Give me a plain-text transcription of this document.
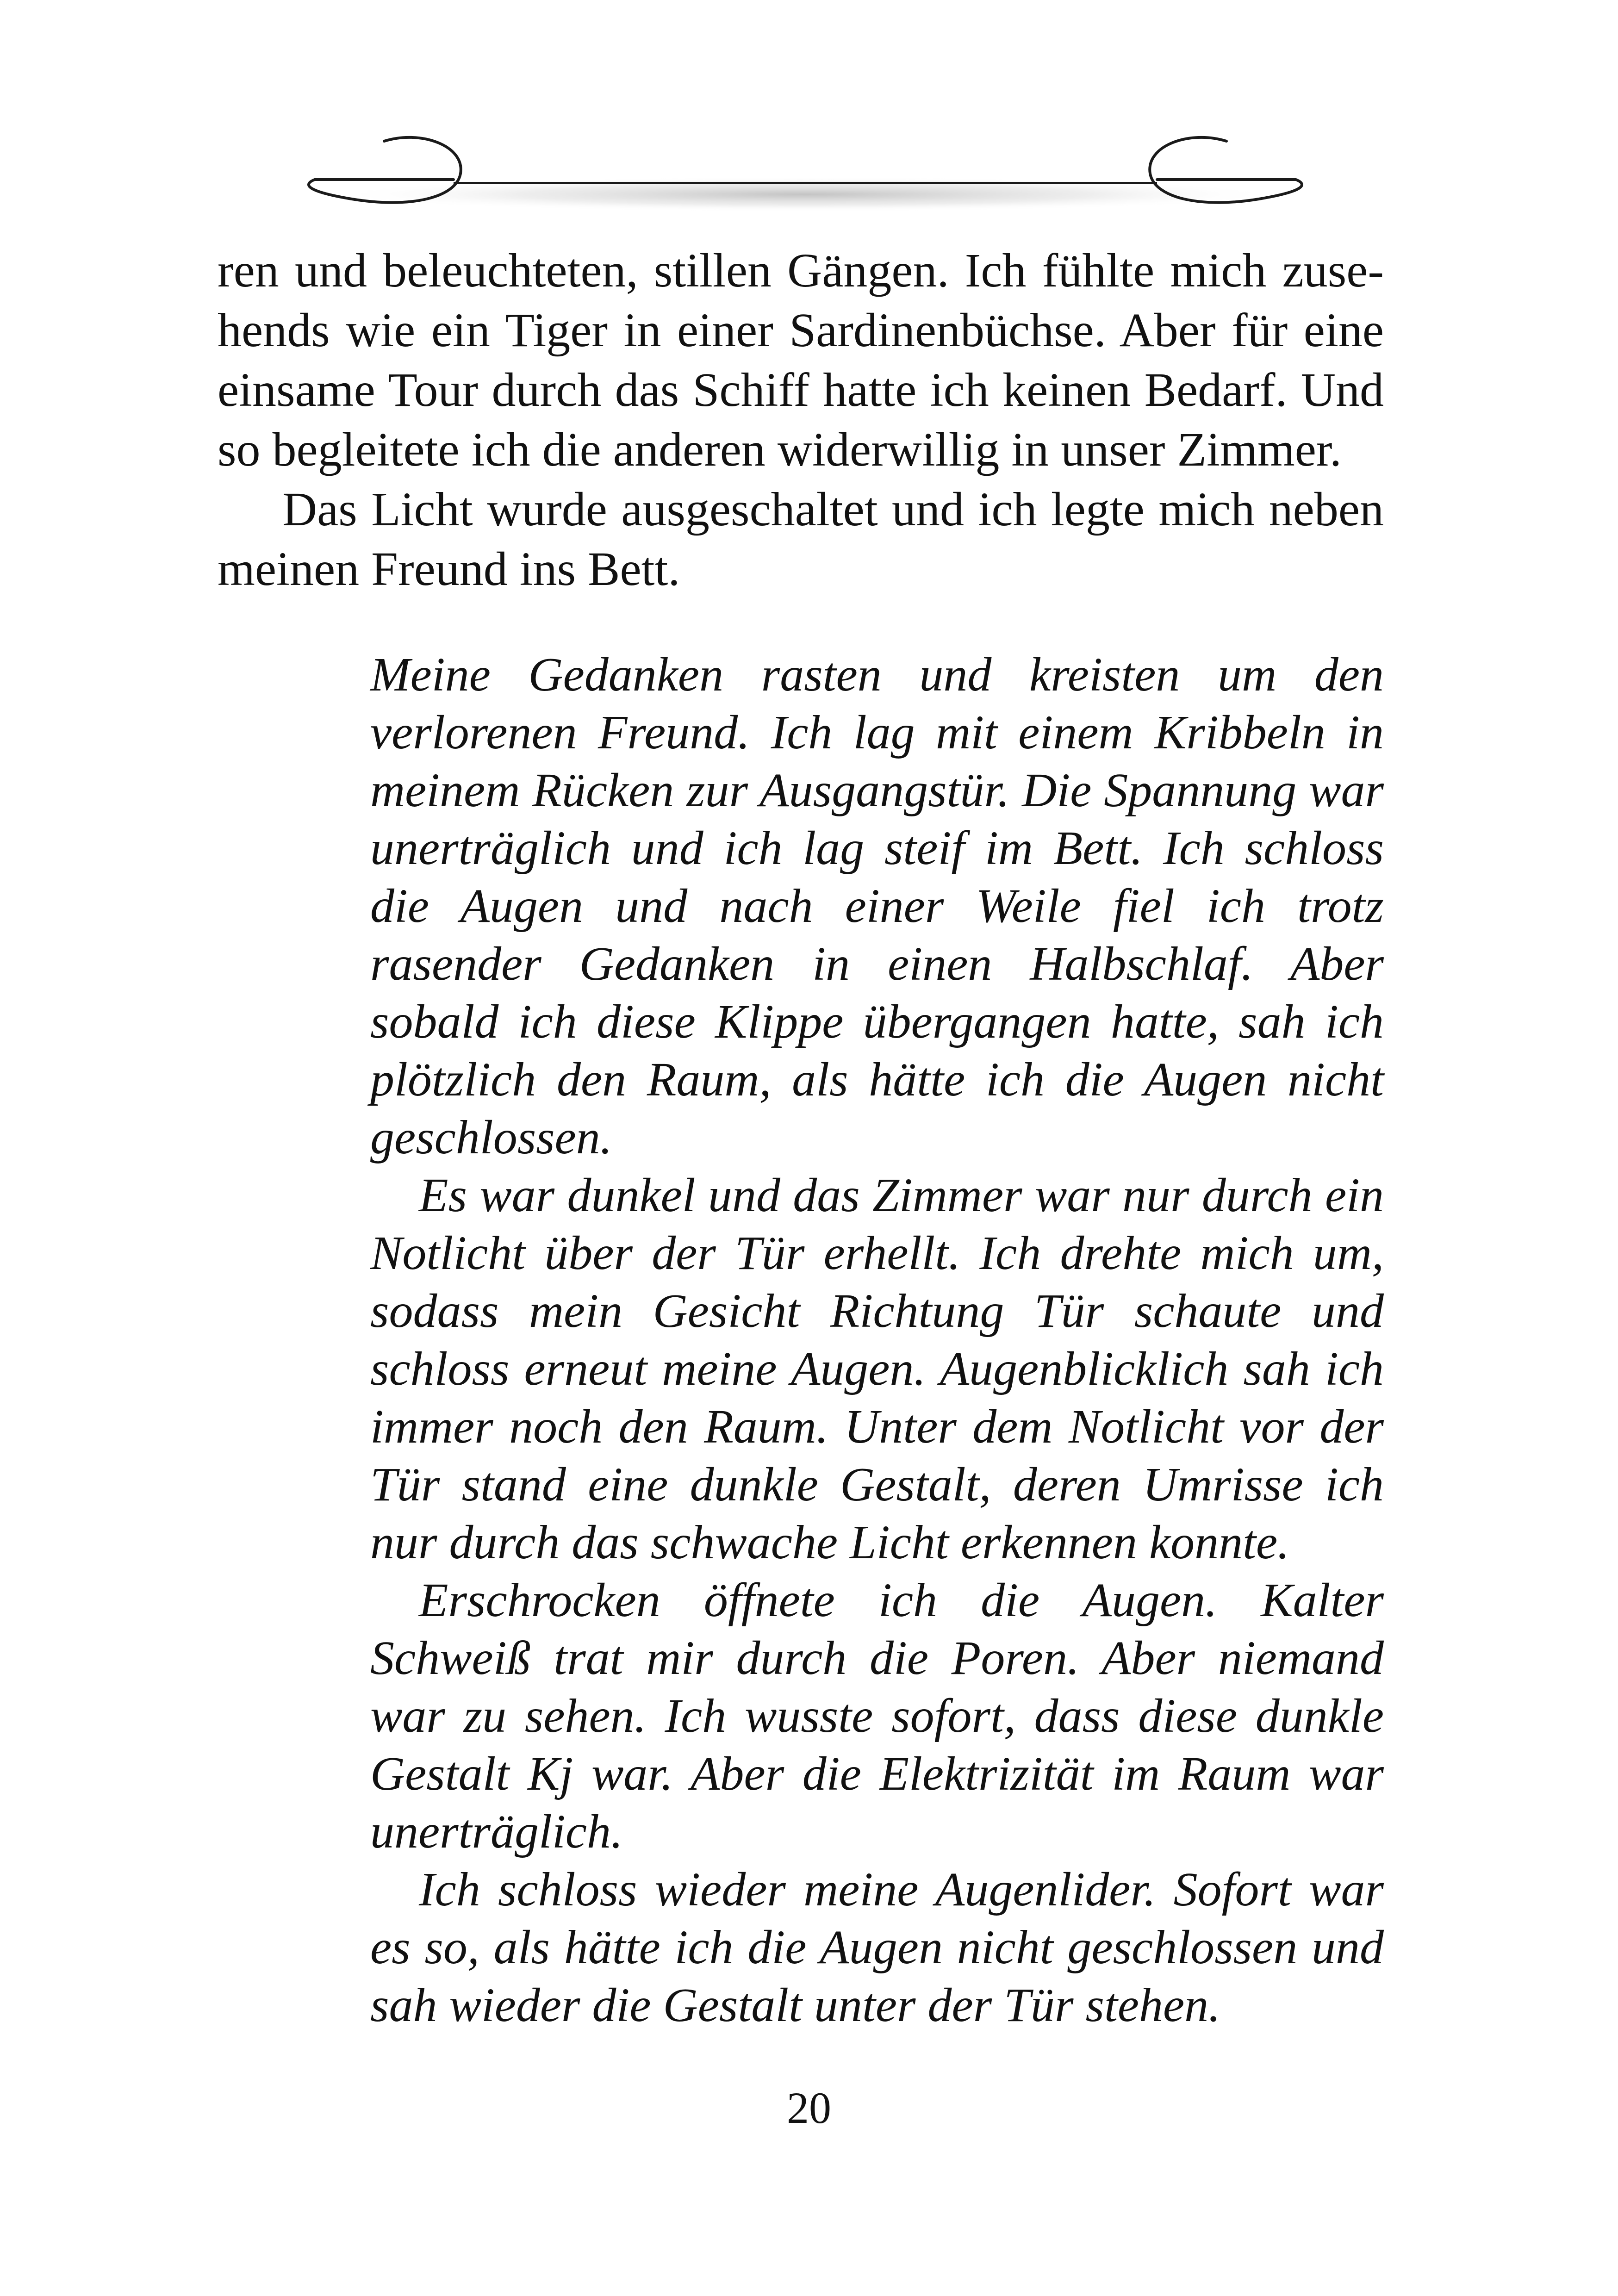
ren und beleuchteten, stillen Gängen. Ich fühlte mich zusehends wie ein Tiger in einer Sardinenbüchse. Aber für eine einsame Tour durch das Schiff hatte ich keinen Bedarf. Und so begleitete ich die anderen widerwillig in unser Zimmer.

Das Licht wurde ausgeschaltet und ich legte mich neben meinen Freund ins Bett.

Meine Gedanken rasten und kreisten um den verlorenen Freund. Ich lag mit einem Kribbeln in meinem Rücken zur Ausgangstür. Die Spannung war unerträglich und ich lag steif im Bett. Ich schloss die Augen und nach einer Weile fiel ich trotz rasender Gedanken in einen Halbschlaf. Aber sobald ich diese Klippe übergangen hatte, sah ich plötzlich den Raum, als hätte ich die Augen nicht geschlossen.

Es war dunkel und das Zimmer war nur durch ein Notlicht über der Tür erhellt. Ich drehte mich um, sodass mein Gesicht Richtung Tür schaute und schloss erneut meine Augen. Augenblicklich sah ich immer noch den Raum. Unter dem Notlicht vor der Tür stand eine dunkle Gestalt, deren Umrisse ich nur durch das schwache Licht erkennen konnte.

Erschrocken öffnete ich die Augen. Kalter Schweiß trat mir durch die Poren. Aber niemand war zu sehen. Ich wusste sofort, dass diese dunkle Gestalt Kj war. Aber die Elektrizität im Raum war unerträglich.

Ich schloss wieder meine Augenlider. Sofort war es so, als hätte ich die Augen nicht geschlossen und sah wieder die Gestalt unter der Tür stehen.

20
